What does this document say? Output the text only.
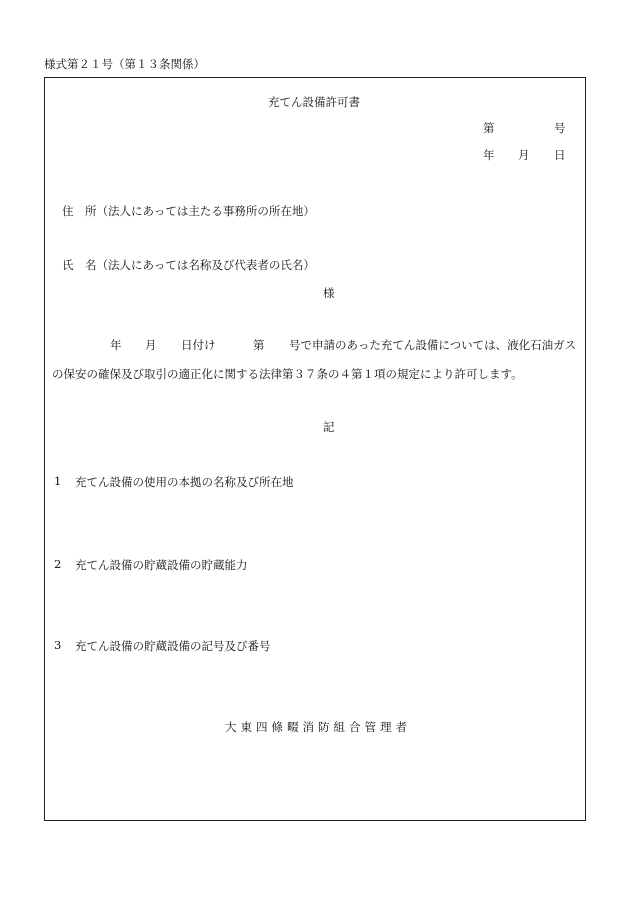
様式第２１号（第１３条関係）
充てん設備許可書
第	号
年 月 日
住　所（法人にあっては主たる事務所の所在地）
氏　名（法人にあっては名称及び代表者の氏名）
様
年 月 日付け	第 号で申請のあった充てん設備については、液化石油ガス
の保安の確保及び取引の適正化に関する法律第３７条の４第１項の規定により許可します。
記
1 充てん設備の使用の本拠の名称及び所在地
2 充てん設備の貯蔵設備の貯蔵能力
3 充てん設備の貯蔵設備の記号及び番号
大東四條畷消防組合管理者
